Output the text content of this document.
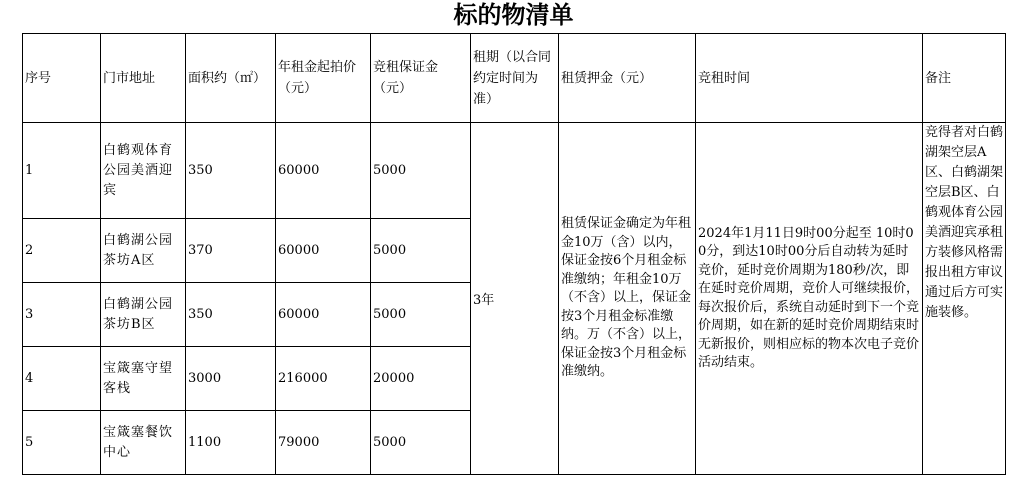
标的物清单
序号	门市地址	面积约（㎡）	年租金起拍价（元）	竞租保证金（元）	租期（以合同约定时间为准）	租赁押金（元）	竞租时间	备注
1	白鹤观体育公园美酒迎宾	350	60000	5000	3年	租赁保证金确定为年租金10万（含）以内，保证金按6个月租金标准缴纳；年租金10万（不含）以上，保证金按3个月租金标准缴纳。万（不含）以上，保证金按3个月租金标准缴纳。	2024年1月11日9时00分起至 10时00分，到达10时00分后自动转为延时竞价，延时竞价周期为180秒/次，即在延时竞价周期，竞价人可继续报价，每次报价后，系统自动延时到下一个竞价周期，如在新的延时竞价周期结束时无新报价，则相应标的物本次电子竞价活动结束。	竞得者对白鹤湖架空层A区、白鹤湖架空层B区、白鹤观体育公园美酒迎宾承租方装修风格需报出租方审议通过后方可实施装修。
2	白鹤湖公园茶坊A区	370	60000	5000				
3	白鹤湖公园茶坊B区	350	60000	5000				
4	宝箴塞守望客栈	3000	216000	20000				
5	宝箴塞餐饮中心	1100	79000	5000				
